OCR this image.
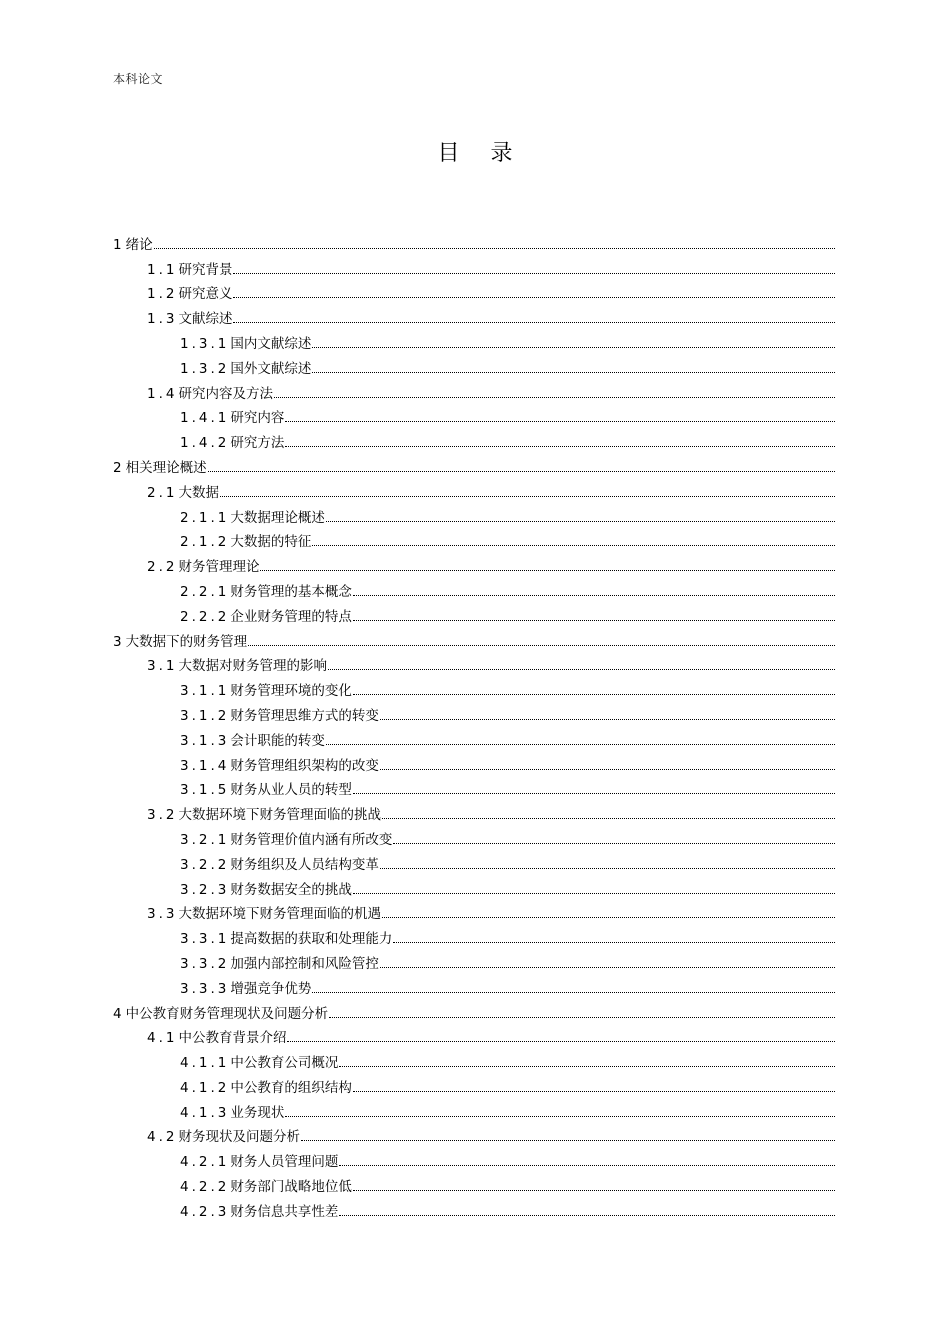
本科论文
目 录
1 绪论
1.1 研究背景
1.2 研究意义
1.3 文献综述
1.3.1 国内文献综述
1.3.2 国外文献综述
1.4 研究内容及方法
1.4.1 研究内容
1.4.2 研究方法
2 相关理论概述
2.1 大数据
2.1.1 大数据理论概述
2.1.2 大数据的特征
2.2 财务管理理论
2.2.1 财务管理的基本概念
2.2.2 企业财务管理的特点
3 大数据下的财务管理
3.1 大数据对财务管理的影响
3.1.1 财务管理环境的变化
3.1.2 财务管理思维方式的转变
3.1.3 会计职能的转变
3.1.4 财务管理组织架构的改变
3.1.5 财务从业人员的转型
3.2 大数据环境下财务管理面临的挑战
3.2.1 财务管理价值内涵有所改变
3.2.2 财务组织及人员结构变革
3.2.3 财务数据安全的挑战
3.3 大数据环境下财务管理面临的机遇
3.3.1 提高数据的获取和处理能力
3.3.2 加强内部控制和风险管控
3.3.3 增强竞争优势
4 中公教育财务管理现状及问题分析
4.1 中公教育背景介绍
4.1.1 中公教育公司概况
4.1.2 中公教育的组织结构
4.1.3 业务现状
4.2 财务现状及问题分析
4.2.1 财务人员管理问题
4.2.2 财务部门战略地位低
4.2.3 财务信息共享性差
